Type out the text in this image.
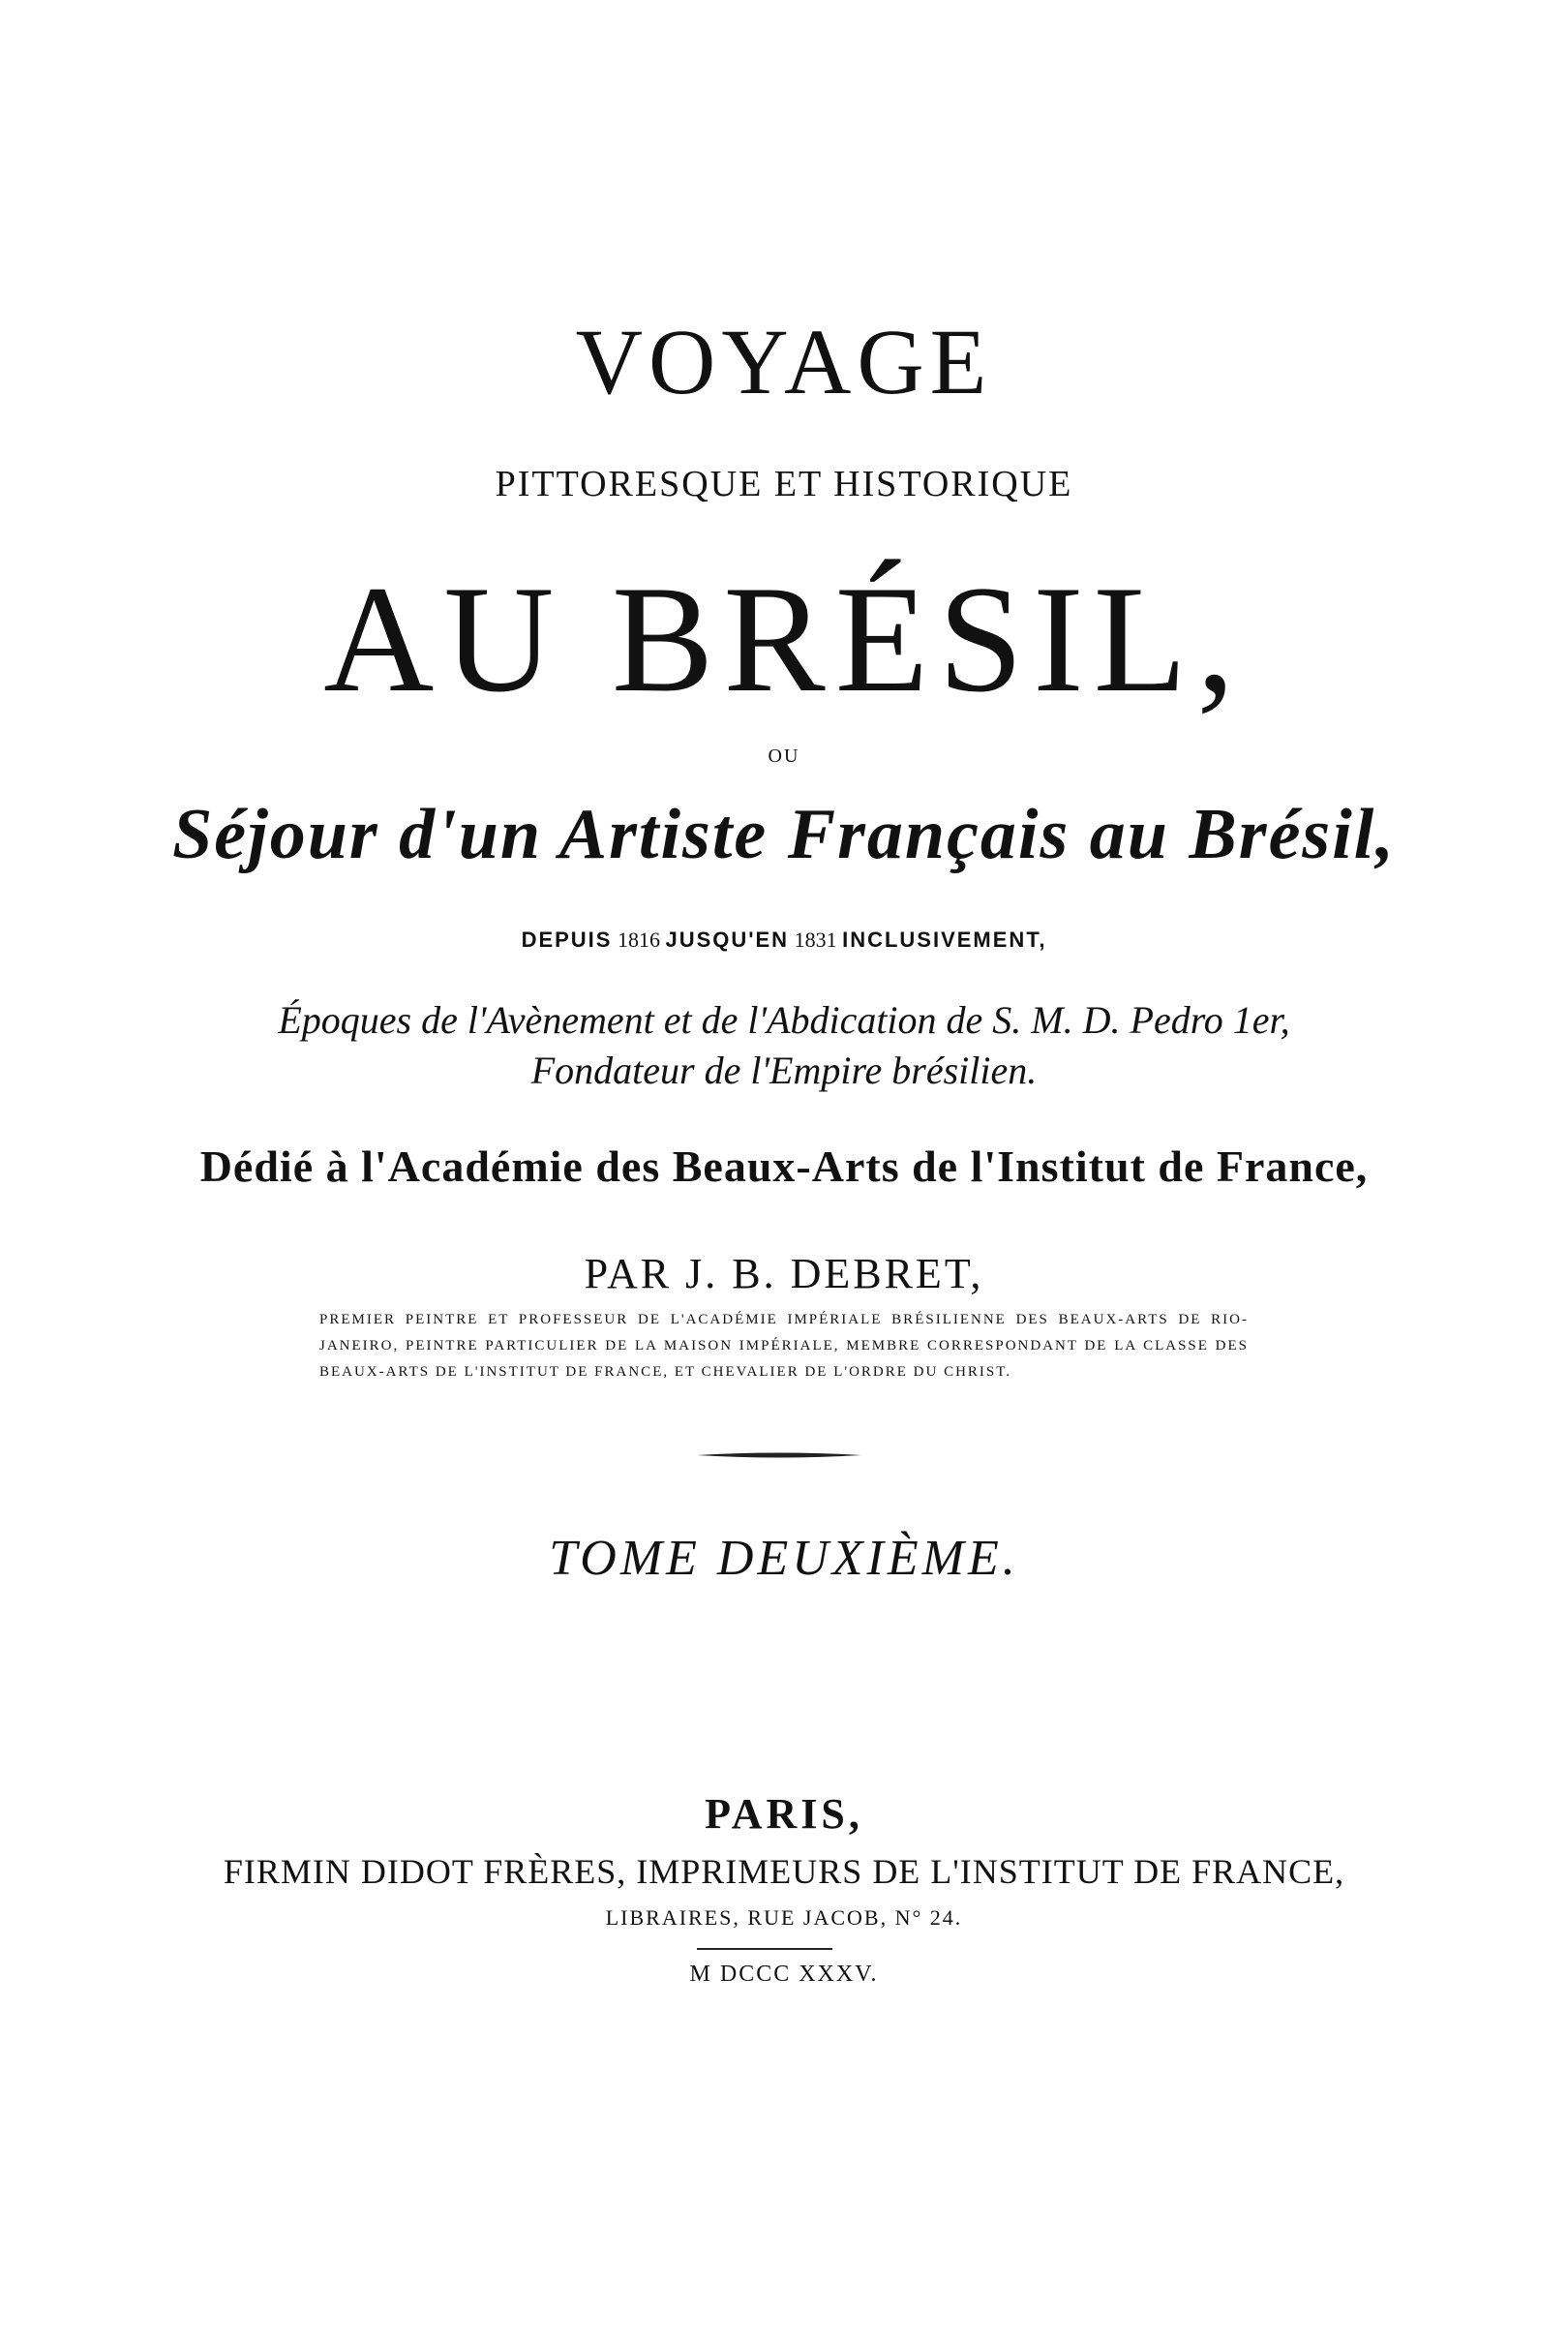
VOYAGE
PITTORESQUE ET HISTORIQUE
AU BRÉSIL,
OU
Séjour d'un Artiste Français au Brésil,
DEPUIS 1816 JUSQU'EN 1831 INCLUSIVEMENT,
Époques de l'Avènement et de l'Abdication de S. M. D. Pedro 1er,
Fondateur de l'Empire brésilien.
Dédié à l'Académie des Beaux-Arts de l'Institut de France,
PAR J. B. DEBRET,
PREMIER PEINTRE ET PROFESSEUR DE L'ACADÉMIE IMPÉRIALE BRÉSILIENNE DES BEAUX-ARTS DE RIO-JANEIRO, PEINTRE PARTICULIER DE LA MAISON IMPÉRIALE, MEMBRE CORRESPONDANT DE LA CLASSE DES BEAUX-ARTS DE L'INSTITUT DE FRANCE, ET CHEVALIER DE L'ORDRE DU CHRIST.
TOME DEUXIÈME.
PARIS,
FIRMIN DIDOT FRÈRES, IMPRIMEURS DE L'INSTITUT DE FRANCE,
LIBRAIRES, RUE JACOB, N° 24.
M DCCC XXXV.
